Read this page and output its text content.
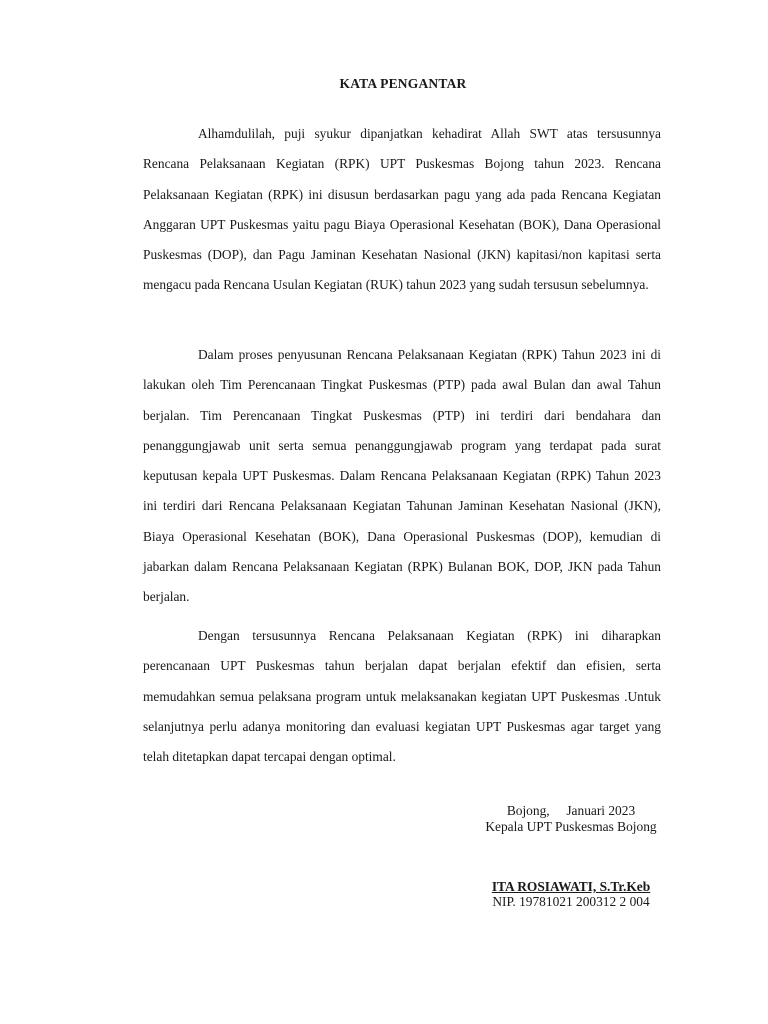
KATA PENGANTAR

Alhamdulilah, puji syukur dipanjatkan kehadirat Allah SWT atas tersusunnya Rencana Pelaksanaan Kegiatan (RPK) UPT Puskesmas Bojong tahun 2023. Rencana Pelaksanaan Kegiatan (RPK) ini disusun berdasarkan pagu yang ada pada Rencana Kegiatan Anggaran UPT Puskesmas yaitu pagu Biaya Operasional Kesehatan (BOK), Dana Operasional Puskesmas (DOP), dan Pagu Jaminan Kesehatan Nasional (JKN) kapitasi/non kapitasi serta mengacu pada Rencana Usulan Kegiatan (RUK) tahun 2023 yang sudah tersusun sebelumnya.

Dalam proses penyusunan Rencana Pelaksanaan Kegiatan (RPK) Tahun 2023 ini di lakukan oleh Tim Perencanaan Tingkat Puskesmas (PTP) pada awal Bulan dan awal Tahun berjalan. Tim Perencanaan Tingkat Puskesmas (PTP) ini terdiri dari bendahara dan penanggungjawab unit serta semua penanggungjawab program yang terdapat pada surat keputusan kepala UPT Puskesmas. Dalam Rencana Pelaksanaan Kegiatan (RPK) Tahun 2023 ini terdiri dari Rencana Pelaksanaan Kegiatan Tahunan Jaminan Kesehatan Nasional (JKN), Biaya Operasional Kesehatan (BOK), Dana Operasional Puskesmas (DOP), kemudian di jabarkan dalam Rencana Pelaksanaan Kegiatan (RPK) Bulanan BOK, DOP, JKN pada Tahun berjalan.

Dengan tersusunnya Rencana Pelaksanaan Kegiatan (RPK) ini diharapkan perencanaan UPT Puskesmas tahun berjalan dapat berjalan efektif dan efisien, serta memudahkan semua pelaksana program untuk melaksanakan kegiatan UPT Puskesmas .Untuk selanjutnya perlu adanya monitoring dan evaluasi kegiatan UPT Puskesmas agar target yang telah ditetapkan dapat tercapai dengan optimal.

Bojong,     Januari 2023
Kepala UPT Puskesmas Bojong
ITA ROSIAWATI, S.Tr.Keb
NIP. 19781021 200312 2 004
